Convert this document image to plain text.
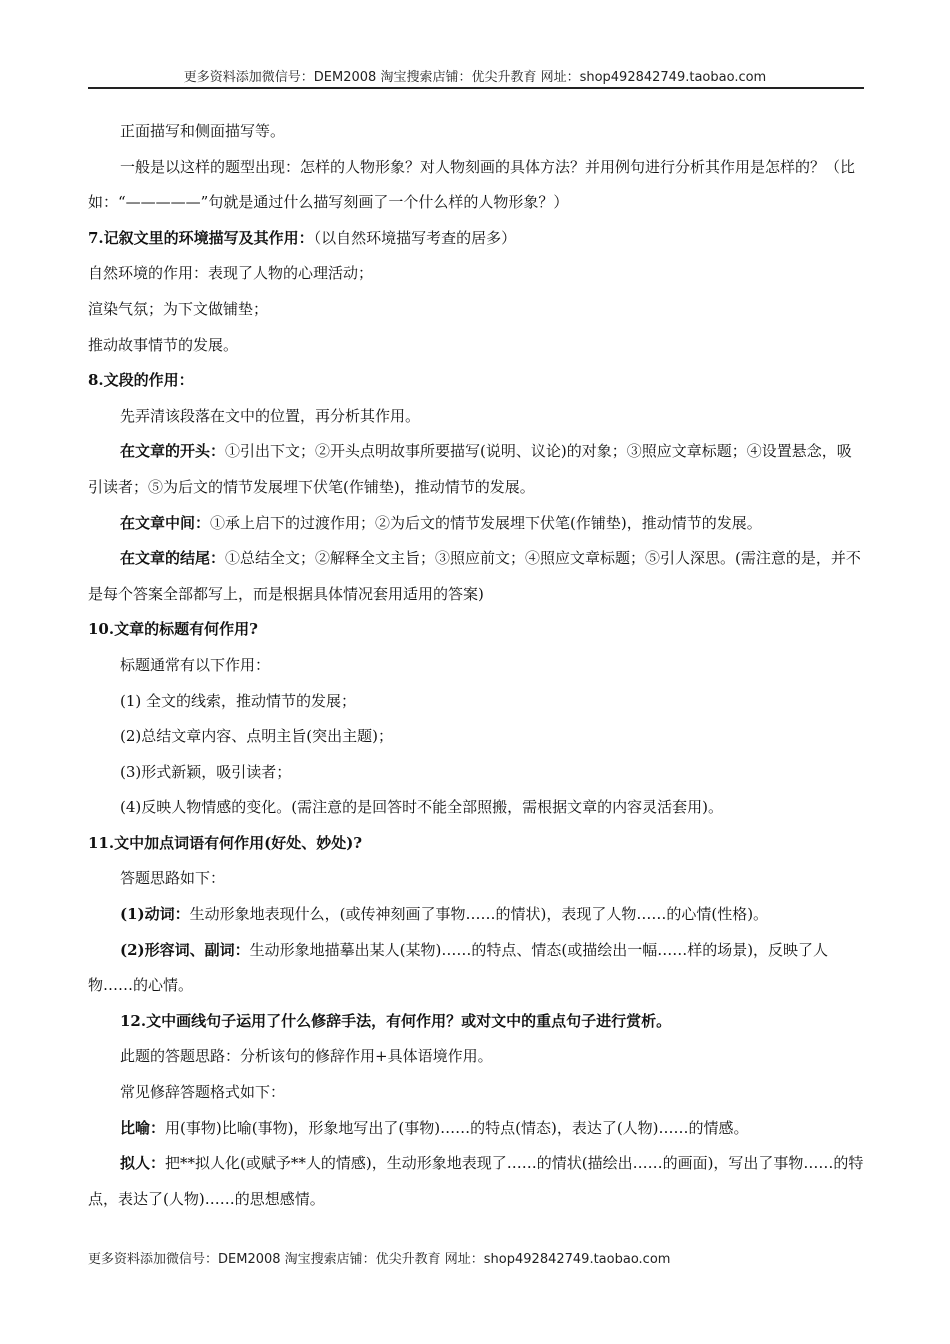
更多资料添加微信号：DEM2008 淘宝搜索店铺：优尖升教育 网址：shop492842749.taobao.com

正面描写和侧面描写等。

一般是以这样的题型出现：怎样的人物形象？对人物刻画的具体方法？并用例句进行分析其作用是怎样的？（比如：“—————”句就是通过什么描写刻画了一个什么样的人物形象？）

7.记叙文里的环境描写及其作用：（以自然环境描写考查的居多）

自然环境的作用：表现了人物的心理活动；

渲染气氛；为下文做铺垫；

推动故事情节的发展。

8.文段的作用：

先弄清该段落在文中的位置，再分析其作用。

在文章的开头：①引出下文；②开头点明故事所要描写(说明、议论)的对象；③照应文章标题；④设置悬念，吸引读者；⑤为后文的情节发展埋下伏笔(作铺垫)，推动情节的发展。

在文章中间：①承上启下的过渡作用；②为后文的情节发展埋下伏笔(作铺垫)，推动情节的发展。

在文章的结尾：①总结全文；②解释全文主旨；③照应前文；④照应文章标题；⑤引人深思。(需注意的是，并不是每个答案全部都写上，而是根据具体情况套用适用的答案)

10.文章的标题有何作用?

标题通常有以下作用：

(1) 全文的线索，推动情节的发展；

(2)总结文章内容、点明主旨(突出主题)；

(3)形式新颖，吸引读者；

(4)反映人物情感的变化。(需注意的是回答时不能全部照搬，需根据文章的内容灵活套用)。

11.文中加点词语有何作用(好处、妙处)?

答题思路如下：

(1)动词：生动形象地表现什么，(或传神刻画了事物……的情状)，表现了人物……的心情(性格)。

(2)形容词、副词：生动形象地描摹出某人(某物)……的特点、情态(或描绘出一幅……样的场景)，反映了人物……的心情。

12.文中画线句子运用了什么修辞手法，有何作用？或对文中的重点句子进行赏析。

此题的答题思路：分析该句的修辞作用+具体语境作用。

常见修辞答题格式如下：

比喻：用(事物)比喻(事物)，形象地写出了(事物)……的特点(情态)，表达了(人物)……的情感。

拟人：把**拟人化(或赋予**人的情感)，生动形象地表现了……的情状(描绘出……的画面)，写出了事物……的特点，表达了(人物)……的思想感情。

更多资料添加微信号：DEM2008 淘宝搜索店铺：优尖升教育 网址：shop492842749.taobao.com
